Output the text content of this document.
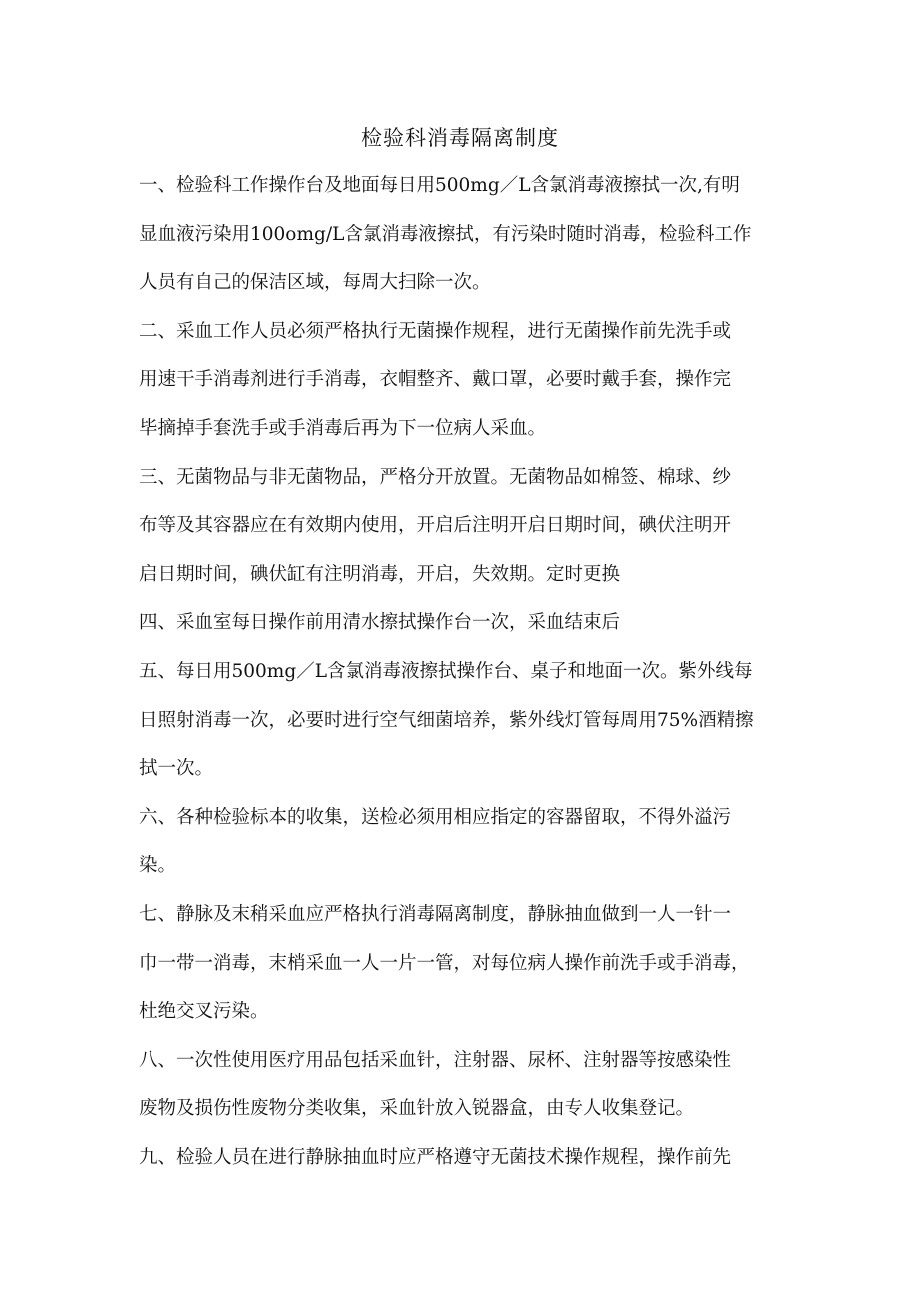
检验科消毒隔离制度
一、检验科工作操作台及地面每日用500mg／L含氯消毒液擦拭一次,有明
显血液污染用100omg/L含氯消毒液擦拭，有污染时随时消毒，检验科工作
人员有自己的保洁区域，每周大扫除一次。
二、采血工作人员必须严格执行无菌操作规程，进行无菌操作前先洗手或
用速干手消毒剂进行手消毒，衣帽整齐、戴口罩，必要时戴手套，操作完
毕摘掉手套洗手或手消毒后再为下一位病人采血。
三、无菌物品与非无菌物品，严格分开放置。无菌物品如棉签、棉球、纱
布等及其容器应在有效期内使用，开启后注明开启日期时间，碘伏注明开
启日期时间，碘伏缸有注明消毒，开启，失效期。定时更换
四、采血室每日操作前用清水擦拭操作台一次，采血结束后
五、每日用500mg／L含氯消毒液擦拭操作台、桌子和地面一次。紫外线每
日照射消毒一次，必要时进行空气细菌培养，紫外线灯管每周用75%酒精擦
拭一次。
六、各种检验标本的收集，送检必须用相应指定的容器留取，不得外溢污
染。
七、静脉及末稍采血应严格执行消毒隔离制度，静脉抽血做到一人一针一
巾一带一消毒，末梢采血一人一片一管，对每位病人操作前洗手或手消毒，
杜绝交叉污染。
八、一次性使用医疗用品包括采血针，注射器、尿杯、注射器等按感染性
废物及损伤性废物分类收集，采血针放入锐器盒，由专人收集登记。
九、检验人员在进行静脉抽血时应严格遵守无菌技术操作规程，操作前先
